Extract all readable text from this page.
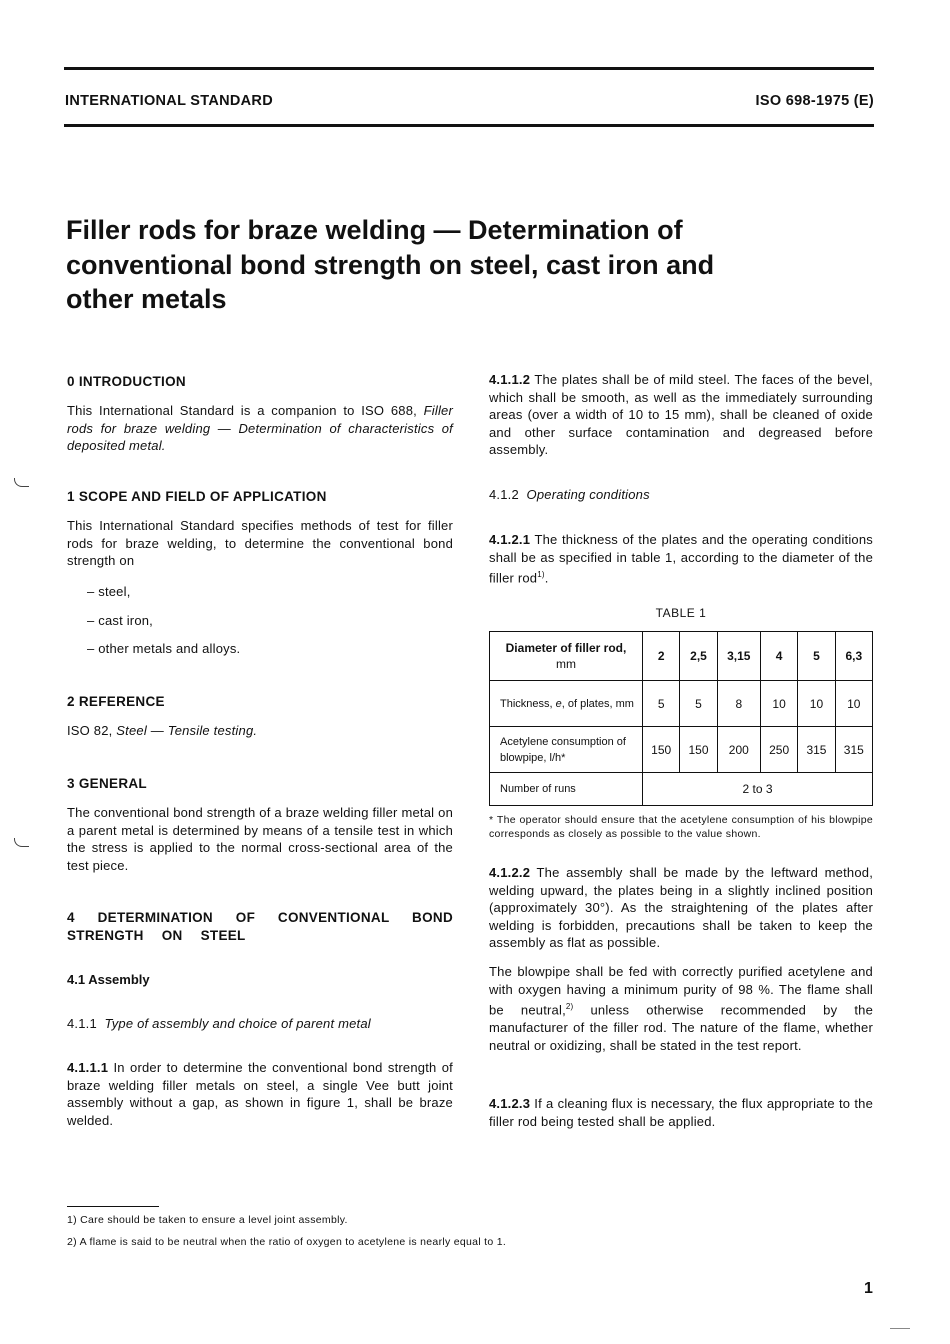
INTERNATIONAL STANDARD	ISO 698-1975 (E)
Filler rods for braze welding — Determination of conventional bond strength on steel, cast iron and other metals
0 INTRODUCTION
This International Standard is a companion to ISO 688, Filler rods for braze welding — Determination of characteristics of deposited metal.
1 SCOPE AND FIELD OF APPLICATION
This International Standard specifies methods of test for filler rods for braze welding, to determine the conventional bond strength on
– steel,
– cast iron,
– other metals and alloys.
2 REFERENCE
ISO 82, Steel — Tensile testing.
3 GENERAL
The conventional bond strength of a braze welding filler metal on a parent metal is determined by means of a tensile test in which the stress is applied to the normal cross-sectional area of the test piece.
4 DETERMINATION OF CONVENTIONAL BOND STRENGTH ON STEEL
4.1 Assembly
4.1.1 Type of assembly and choice of parent metal
4.1.1.1 In order to determine the conventional bond strength of braze welding filler metals on steel, a single Vee butt joint assembly without a gap, as shown in figure 1, shall be braze welded.
4.1.1.2 The plates shall be of mild steel. The faces of the bevel, which shall be smooth, as well as the immediately surrounding areas (over a width of 10 to 15 mm), shall be cleaned of oxide and other surface contamination and degreased before assembly.
4.1.2 Operating conditions
4.1.2.1 The thickness of the plates and the operating conditions shall be as specified in table 1, according to the diameter of the filler rod$^{1)}$.
TABLE 1
Diameter of filler rod,
mm
	2	2,5	3,15	4	5	6,3
Thickness, e, of plates, mm	5	5	8	10	10	10
Acetylene consumption of blowpipe, l/h*	150	150	200	250	315	315
Number of runs	2 to 3
* The operator should ensure that the acetylene consumption of his blowpipe corresponds as closely as possible to the value shown.
4.1.2.2 The assembly shall be made by the leftward method, welding upward, the plates being in a slightly inclined position (approximately 30°). As the straightening of the plates after welding is forbidden, precautions shall be taken to keep the assembly as flat as possible.
The blowpipe shall be fed with correctly purified acetylene and with oxygen having a minimum purity of 98 %. The flame shall be neutral,$^{2)}$ unless otherwise recommended by the manufacturer of the filler rod. The nature of the flame, whether neutral or oxidizing, shall be stated in the test report.
4.1.2.3 If a cleaning flux is necessary, the flux appropriate to the filler rod being tested shall be applied.
1) Care should be taken to ensure a level joint assembly.
2) A flame is said to be neutral when the ratio of oxygen to acetylene is nearly equal to 1.
1
